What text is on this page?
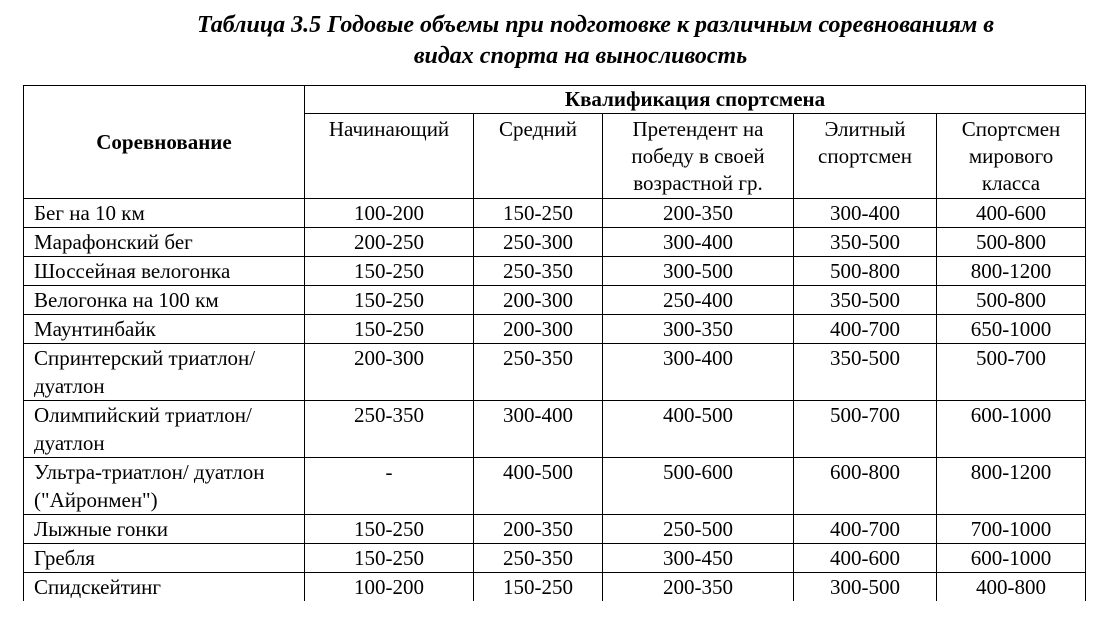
Таблица 3.5 Годовые объемы при подготовке к различным соревнованиям в
видах спорта на выносливость
Соревнование	Квалификация спортсмена				
	Начинающий	Средний	Претендент на победу в своей возрастной гр.	Элитный спортсмен	Спортсмен мирового класса
Бег на 10 км	100-200	150-250	200-350	300-400	400-600
Марафонский бег	200-250	250-300	300-400	350-500	500-800
Шоссейная велогонка	150-250	250-350	300-500	500-800	800-1200
Велогонка на 100 км	150-250	200-300	250-400	350-500	500-800
Маунтинбайк	150-250	200-300	300-350	400-700	650-1000
Спринтерский триатлон/дуатлон	200-300	250-350	300-400	350-500	500-700
Олимпийский триатлон/дуатлон	250-350	300-400	400-500	500-700	600-1000
Ультра-триатлон/ дуатлон ("Айронмен")	-	400-500	500-600	600-800	800-1200
Лыжные гонки	150-250	200-350	250-500	400-700	700-1000
Гребля	150-250	250-350	300-450	400-600	600-1000
Спидскейтинг	100-200	150-250	200-350	300-500	400-800
